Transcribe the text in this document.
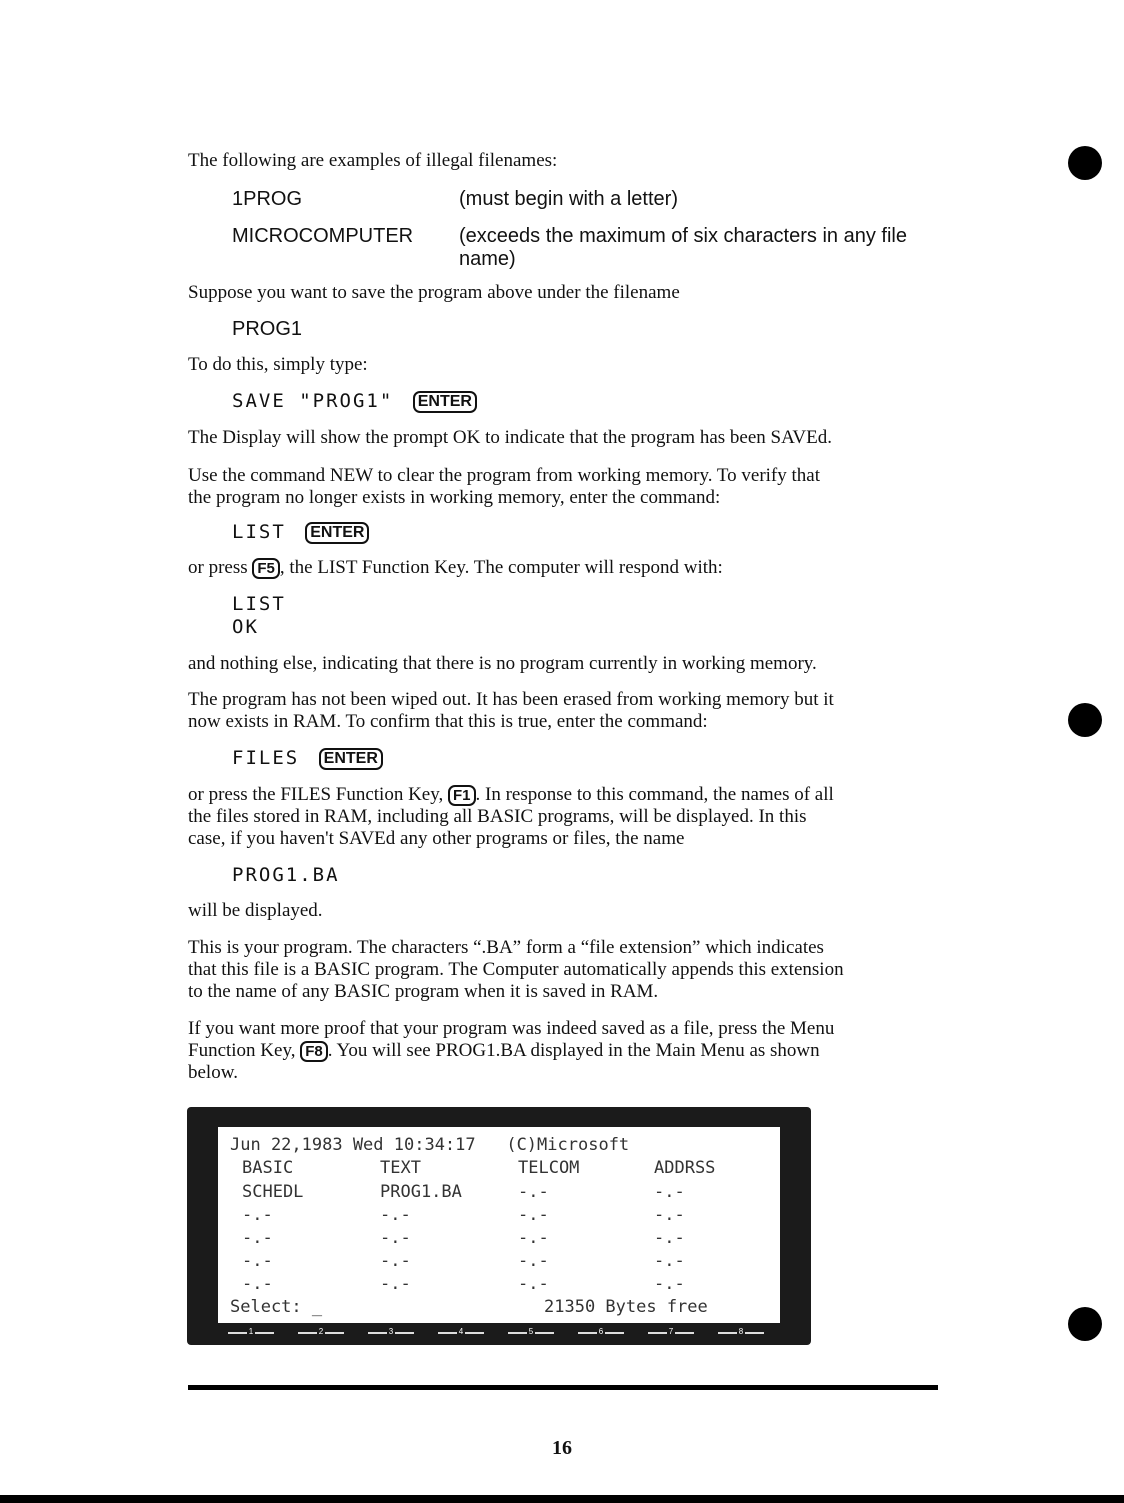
The following are examples of illegal filenames:

1PROG	(must begin with a letter)
MICROCOMPUTER (exceeds the maximum of six characters in any file
name)

Suppose you want to save the program above under the filename

PROG1

To do this, simply type:

SAVE "PROG1" ENTER

The Display will show the prompt OK to indicate that the program has been SAVEd.

Use the command NEW to clear the program from working memory. To verify that

the program no longer exists in working memory, enter the command:

LIST ENTER

or press F5 , the LIST Function Key. The computer will respond with:

LIST
OK

and nothing else, indicating that there is no program currently in working memory.

The program has not been wiped out. It has been erased from working memory but it

now exists in RAM. To confirm that this is true, enter the command:

FILES ENTER

or press the FILES Function Key, F1 . In response to this command, the names of all

the files stored in RAM, including all BASIC programs, will be displayed. In this

case, if you haven't SAVEd any other programs or files, the name

PROG1.BA

will be displayed.

This is your program. The characters “.BA” form a “file extension” which indicates

that this file is a BASIC program. The Computer automatically appends this extension

to the name of any BASIC program when it is saved in RAM.

If you want more proof that your program was indeed saved as a file, press the Menu

Function Key, F8 . You will see PROG1.BA displayed in the Main Menu as shown

below.

Jun 22,1983 Wed 10:34:17   (C)Microsoft
BASIC	TEXT	TELCOM	ADDRSS
SCHEDL	PROG1.BA	-.-	-.-
-.-	-.-	-.-	-.-
-.-	-.-	-.-	-.-
-.-	-.-	-.-	-.-
-.-	-.-	-.-	-.-
Select: _	21350 Bytes free
1	2	3	4	5	6	7	8
16
